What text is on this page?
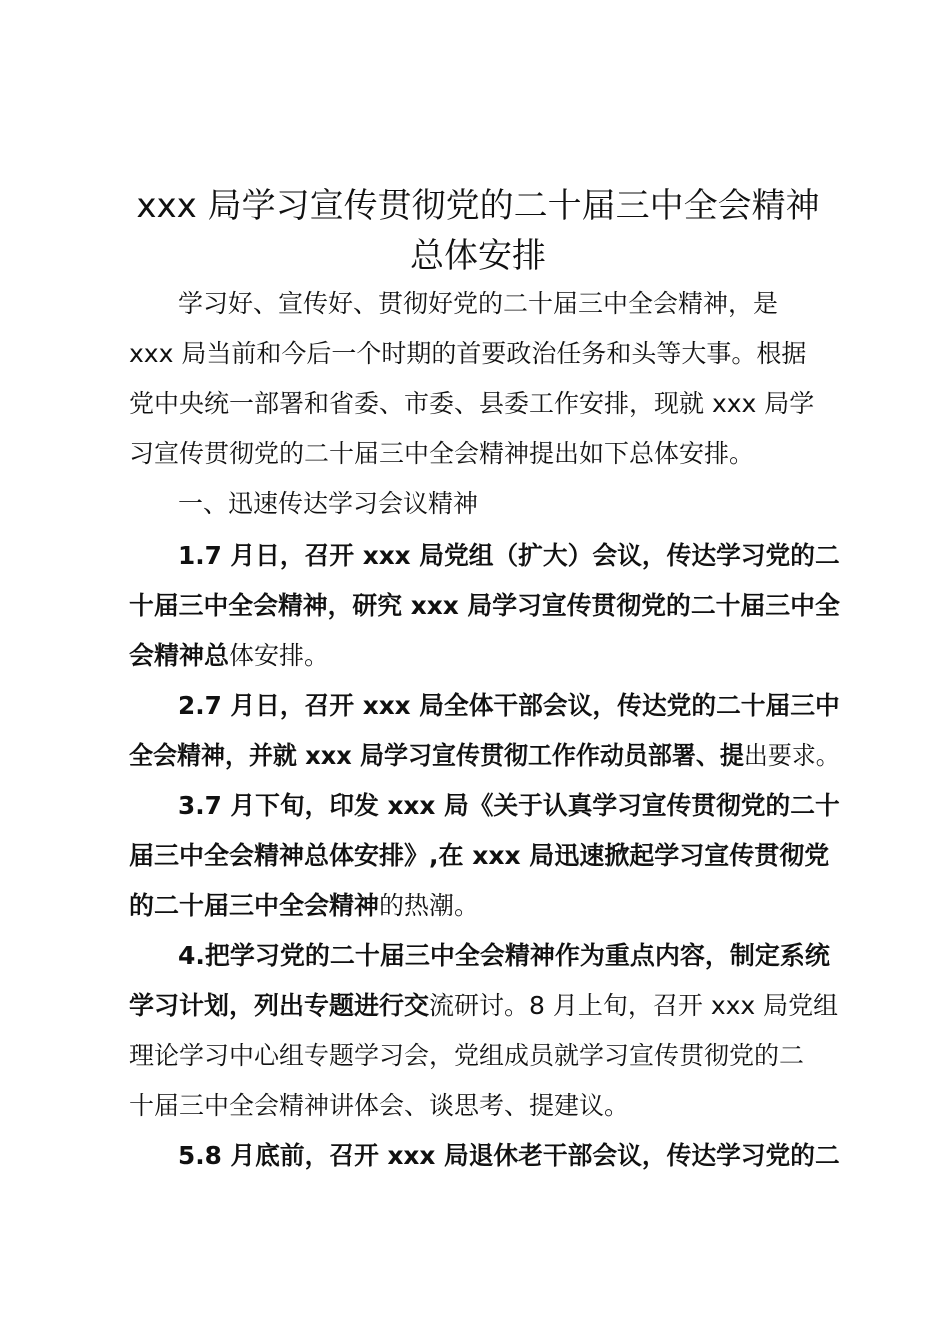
xxx 局学习宣传贯彻党的二十届三中全会精神
总体安排
学习好、宣传好、贯彻好党的二十届三中全会精神，是
xxx 局当前和今后一个时期的首要政治任务和头等大事。根据
党中央统一部署和省委、市委、县委工作安排，现就 xxx 局学
习宣传贯彻党的二十届三中全会精神提出如下总体安排。
一、迅速传达学习会议精神
1.7 月日，召开 xxx 局党组（扩大）会议，传达学习党的二
十届三中全会精神，研究 xxx 局学习宣传贯彻党的二十届三中全
会精神总体安排。
2.7 月日，召开 xxx 局全体干部会议，传达党的二十届三中
全会精神，并就 xxx 局学习宣传贯彻工作作动员部署、提出要求。
3.7 月下旬，印发 xxx 局《关于认真学习宣传贯彻党的二十
届三中全会精神总体安排》,在 xxx 局迅速掀起学习宣传贯彻党
的二十届三中全会精神的热潮。
4.把学习党的二十届三中全会精神作为重点内容，制定系统
学习计划，列出专题进行交流研讨。8 月上旬，召开 xxx 局党组
理论学习中心组专题学习会，党组成员就学习宣传贯彻党的二
十届三中全会精神讲体会、谈思考、提建议。
5.8 月底前，召开 xxx 局退休老干部会议，传达学习党的二
